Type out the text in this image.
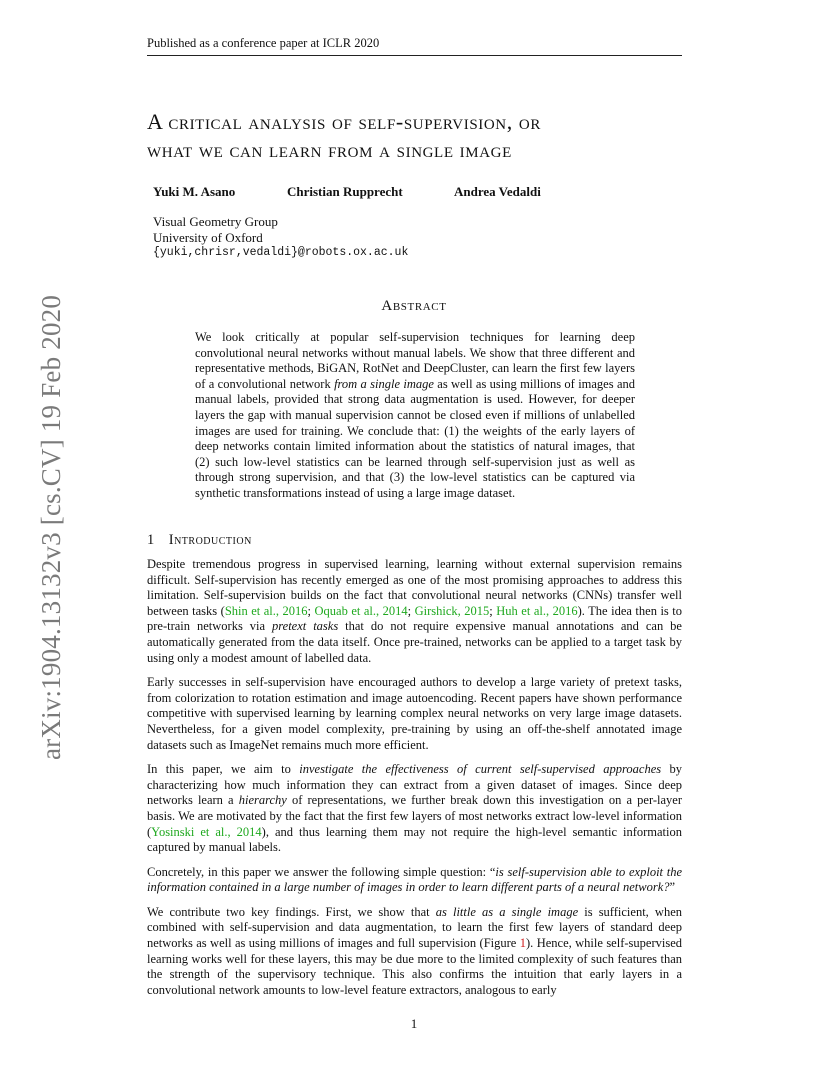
Published as a conference paper at ICLR 2020
arXiv:1904.13132v3 [cs.CV] 19 Feb 2020
A critical analysis of self-supervision, or
what we can learn from a single image
Yuki M. Asano	Christian Rupprecht	Andrea Vedaldi
Visual Geometry Group
University of Oxford
{yuki,chrisr,vedaldi}@robots.ox.ac.uk
Abstract
We look critically at popular self-supervision techniques for learning deep convolutional neural networks without manual labels. We show that three different and representative methods, BiGAN, RotNet and DeepCluster, can learn the first few layers of a convolutional network from a single image as well as using millions of images and manual labels, provided that strong data augmentation is used. However, for deeper layers the gap with manual supervision cannot be closed even if millions of unlabelled images are used for training. We conclude that: (1) the weights of the early layers of deep networks contain limited information about the statistics of natural images, that (2) such low-level statistics can be learned through self-supervision just as well as through strong supervision, and that (3) the low-level statistics can be captured via synthetic transformations instead of using a large image dataset.
1 Introduction

Despite tremendous progress in supervised learning, learning without external supervision remains difficult. Self-supervision has recently emerged as one of the most promising approaches to address this limitation. Self-supervision builds on the fact that convolutional neural networks (CNNs) transfer well between tasks (Shin et al., 2016; Oquab et al., 2014; Girshick, 2015; Huh et al., 2016). The idea then is to pre-train networks via pretext tasks that do not require expensive manual annotations and can be automatically generated from the data itself. Once pre-trained, networks can be applied to a target task by using only a modest amount of labelled data.

Early successes in self-supervision have encouraged authors to develop a large variety of pretext tasks, from colorization to rotation estimation and image autoencoding. Recent papers have shown performance competitive with supervised learning by learning complex neural networks on very large image datasets. Nevertheless, for a given model complexity, pre-training by using an off-the-shelf annotated image datasets such as ImageNet remains much more efficient.

In this paper, we aim to investigate the effectiveness of current self-supervised approaches by characterizing how much information they can extract from a given dataset of images. Since deep networks learn a hierarchy of representations, we further break down this investigation on a per-layer basis. We are motivated by the fact that the first few layers of most networks extract low-level information (Yosinski et al., 2014), and thus learning them may not require the high-level semantic information captured by manual labels.

Concretely, in this paper we answer the following simple question: “is self-supervision able to exploit the information contained in a large number of images in order to learn different parts of a neural network?”

We contribute two key findings. First, we show that as little as a single image is sufficient, when combined with self-supervision and data augmentation, to learn the first few layers of standard deep networks as well as using millions of images and full supervision (Figure 1). Hence, while self-supervised learning works well for these layers, this may be due more to the limited complexity of such features than the strength of the supervisory technique. This also confirms the intuition that early layers in a convolutional network amounts to low-level feature extractors, analogous to early

1
